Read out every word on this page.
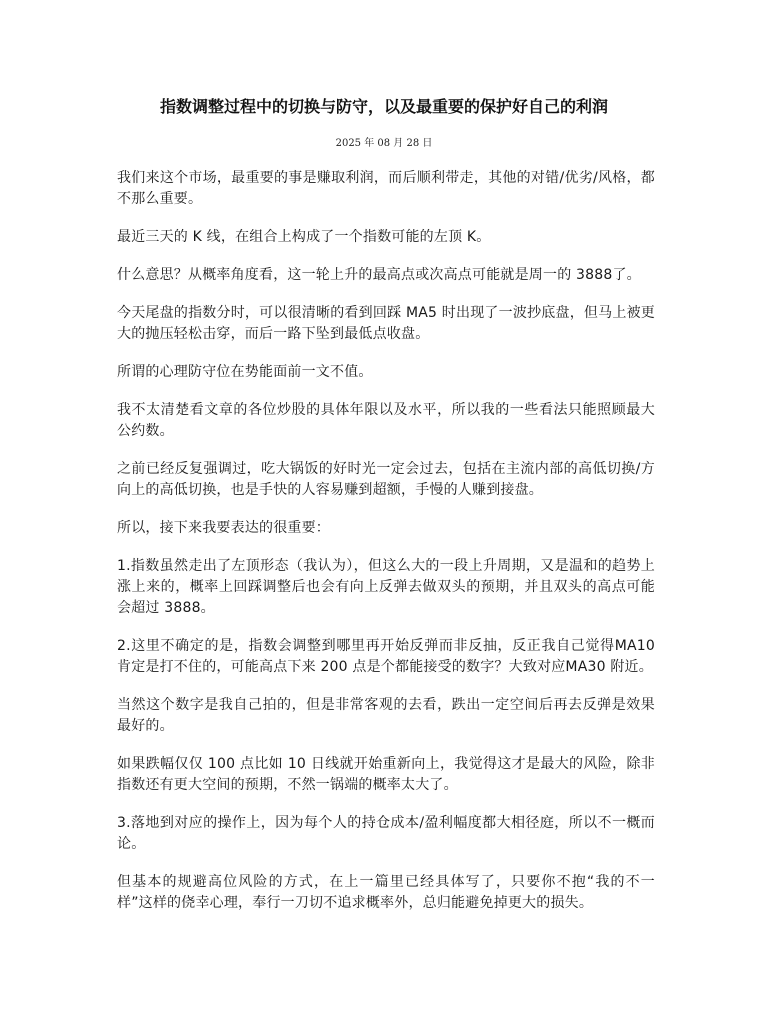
指数调整过程中的切换与防守，以及最重要的保护好自己的利润
2025 年 08 月 28 日

我们来这个市场，最重要的事是赚取利润，而后顺利带走，其他的对错/优劣/风格，都不那么重要。

最近三天的 K 线，在组合上构成了一个指数可能的左顶 K。

什么意思？从概率角度看，这一轮上升的最高点或次高点可能就是周一的 3888了。

今天尾盘的指数分时，可以很清晰的看到回踩 MA5 时出现了一波抄底盘，但马上被更大的抛压轻松击穿，而后一路下坠到最低点收盘。

所谓的心理防守位在势能面前一文不值。

我不太清楚看文章的各位炒股的具体年限以及水平，所以我的一些看法只能照顾最大公约数。

之前已经反复强调过，吃大锅饭的好时光一定会过去，包括在主流内部的高低切换/方向上的高低切换，也是手快的人容易赚到超额，手慢的人赚到接盘。

所以，接下来我要表达的很重要：

1.指数虽然走出了左顶形态（我认为），但这么大的一段上升周期，又是温和的趋势上涨上来的，概率上回踩调整后也会有向上反弹去做双头的预期，并且双头的高点可能会超过 3888。

2.这里不确定的是，指数会调整到哪里再开始反弹而非反抽，反正我自己觉得MA10 肯定是打不住的，可能高点下来 200 点是个都能接受的数字？大致对应MA30 附近。

当然这个数字是我自己拍的，但是非常客观的去看，跌出一定空间后再去反弹是效果最好的。

如果跌幅仅仅 100 点比如 10 日线就开始重新向上，我觉得这才是最大的风险，除非指数还有更大空间的预期，不然一锅端的概率太大了。

3.落地到对应的操作上，因为每个人的持仓成本/盈利幅度都大相径庭，所以不一概而论。

但基本的规避高位风险的方式，在上一篇里已经具体写了，只要你不抱“我的不一样”这样的侥幸心理，奉行一刀切不追求概率外，总归能避免掉更大的损失。
